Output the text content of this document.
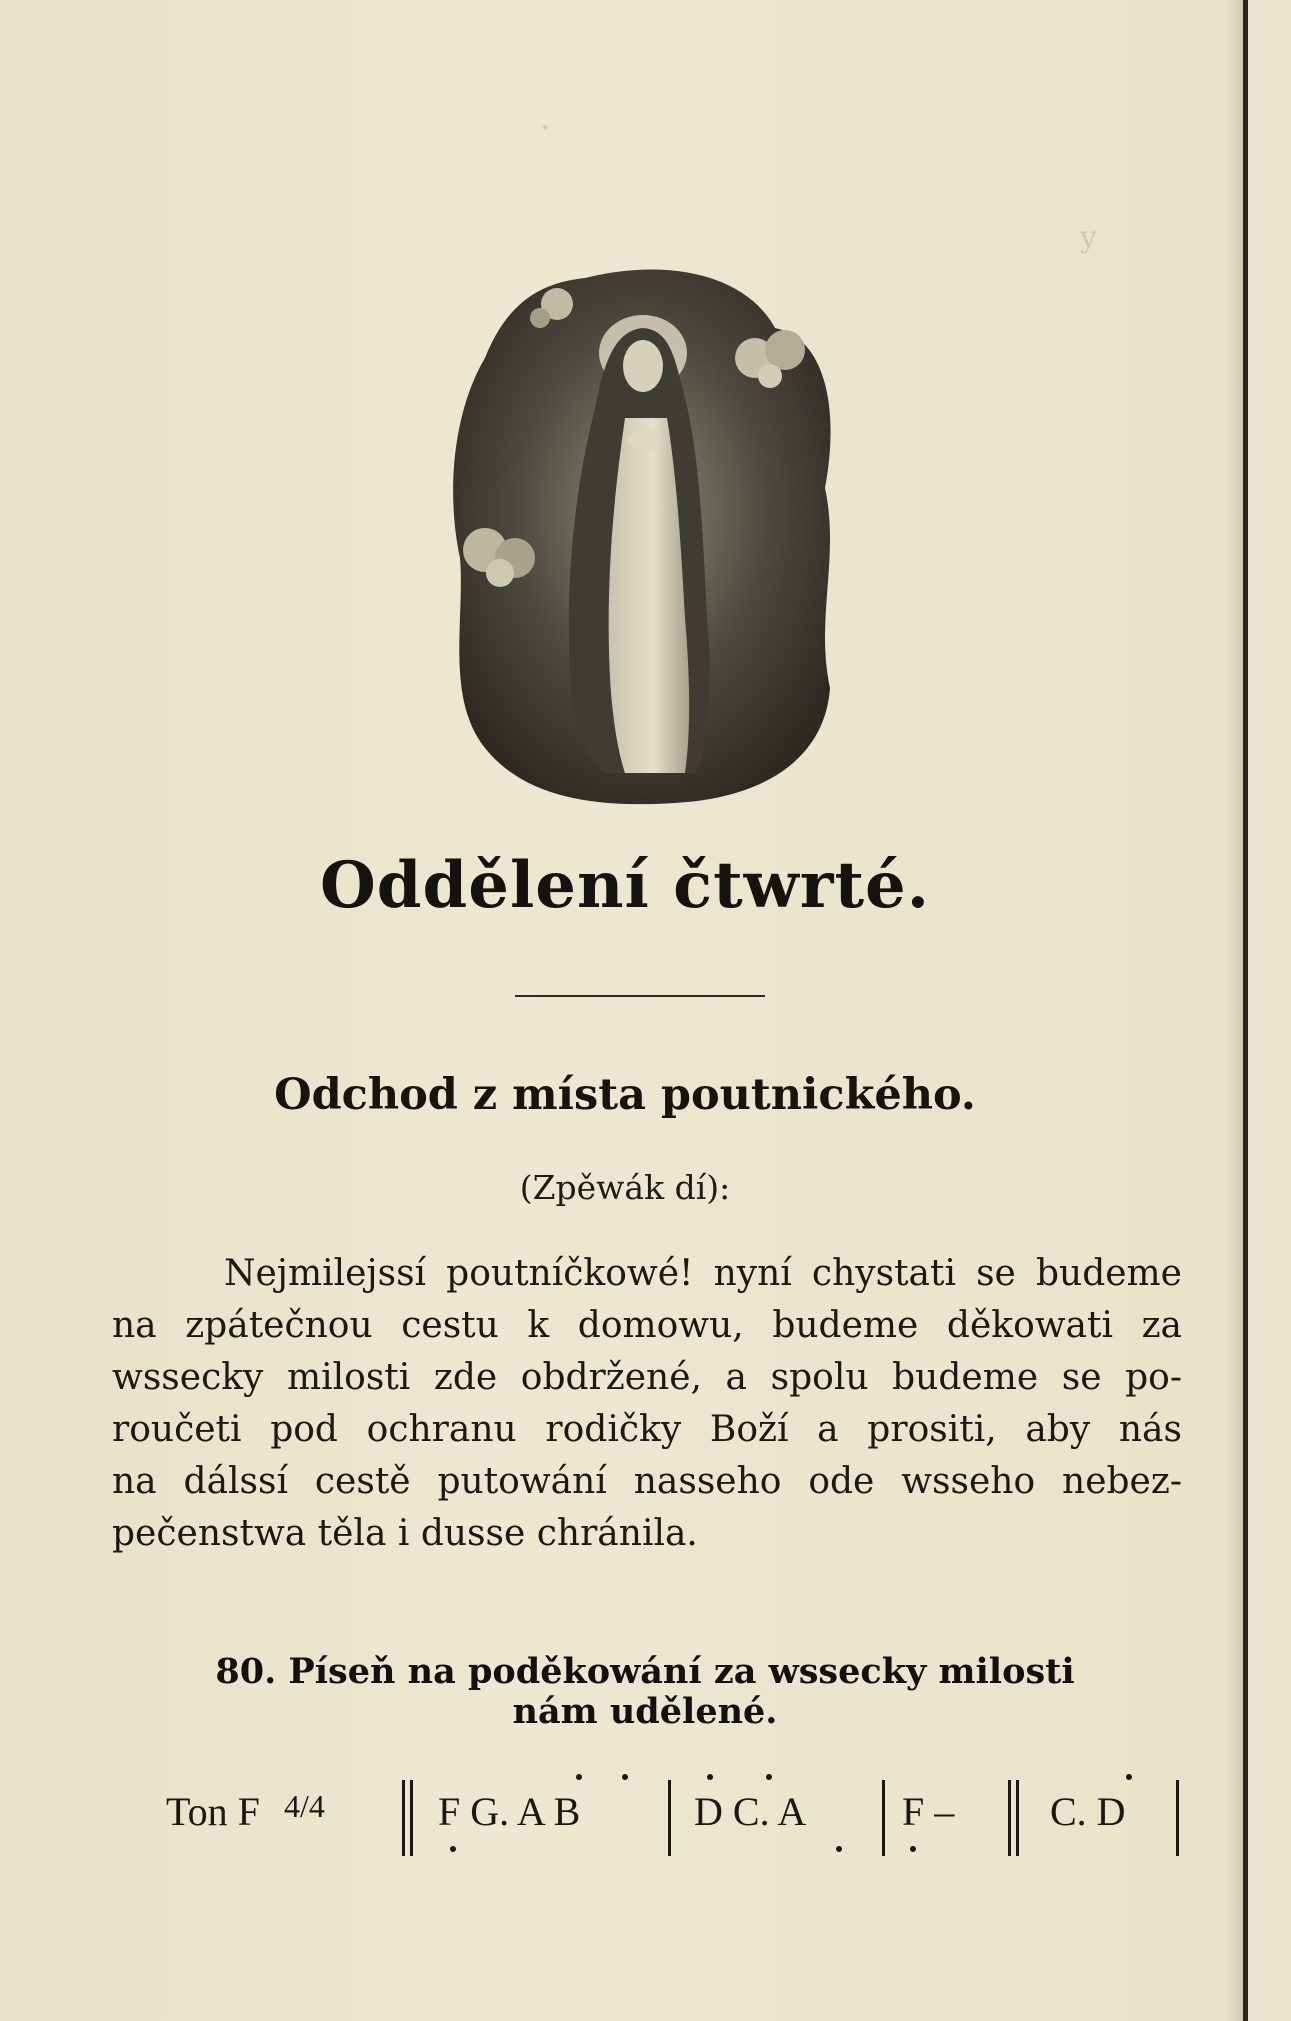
·
y
Oddělení čtwrté.
Odchod z místa poutnického.
(Zpěwák dí):
Nejmilejssí poutníčkowé! nyní chystati se budeme
na zpátečnou cestu k domowu, budeme děkowati za
wssecky milosti zde obdržené, a spolu budeme se po-
roučeti pod ochranu rodičky Boží a prositi, aby nás
na dálssí cestě putowání nasseho ode wsseho nebez-
pečenstwa těla i dusse chránila.
80. Píseň na poděkowání za wssecky milosti
nám udělené.
Ton F 4/4	F G. A B	D C. A F – C. D
